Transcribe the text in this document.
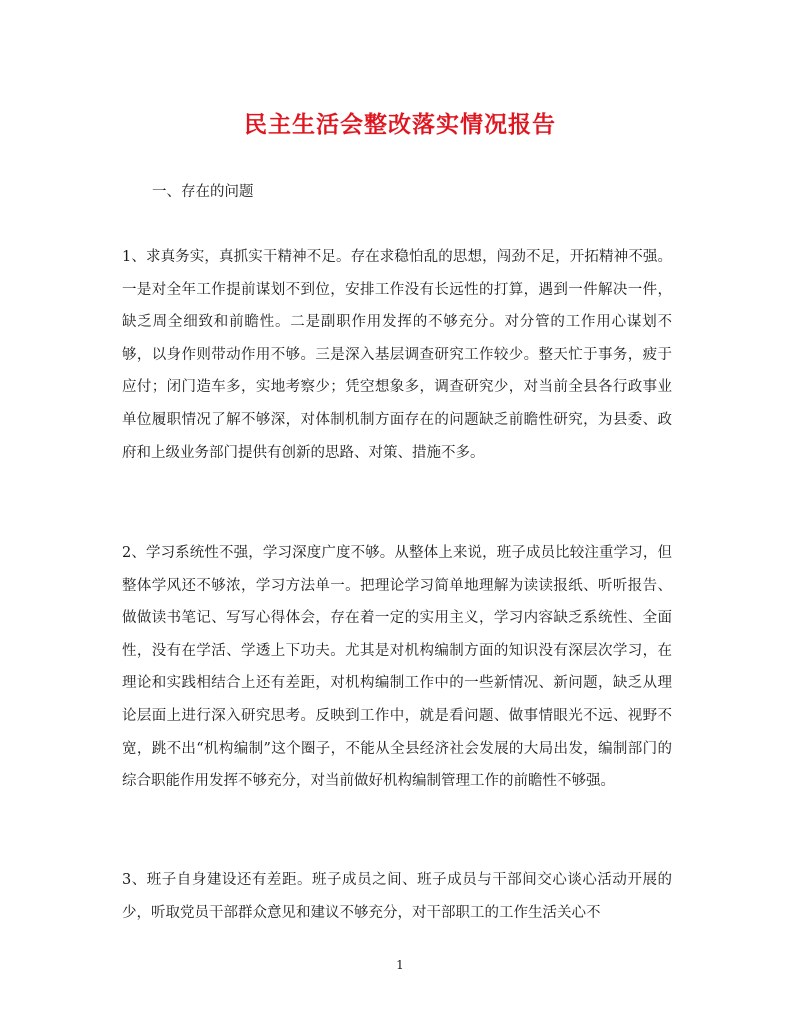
民主生活会整改落实情况报告

一、存在的问题

1、求真务实，真抓实干精神不足。存在求稳怕乱的思想，闯劲不足，开拓精神不强。一是对全年工作提前谋划不到位，安排工作没有长远性的打算，遇到一件解决一件，缺乏周全细致和前瞻性。二是副职作用发挥的不够充分。对分管的工作用心谋划不够，以身作则带动作用不够。三是深入基层调查研究工作较少。整天忙于事务，疲于应付；闭门造车多，实地考察少；凭空想象多，调查研究少，对当前全县各行政事业单位履职情况了解不够深，对体制机制方面存在的问题缺乏前瞻性研究，为县委、政府和上级业务部门提供有创新的思路、对策、措施不多。

2、学习系统性不强，学习深度广度不够。从整体上来说，班子成员比较注重学习，但整体学风还不够浓，学习方法单一。把理论学习简单地理解为读读报纸、听听报告、做做读书笔记、写写心得体会，存在着一定的实用主义，学习内容缺乏系统性、全面性，没有在学活、学透上下功夫。尤其是对机构编制方面的知识没有深层次学习，在理论和实践相结合上还有差距，对机构编制工作中的一些新情况、新问题，缺乏从理论层面上进行深入研究思考。反映到工作中，就是看问题、做事情眼光不远、视野不宽，跳不出“机构编制”这个圈子，不能从全县经济社会发展的大局出发，编制部门的综合职能作用发挥不够充分，对当前做好机构编制管理工作的前瞻性不够强。

3、班子自身建设还有差距。班子成员之间、班子成员与干部间交心谈心活动开展的少，听取党员干部群众意见和建议不够充分，对干部职工的工作生活关心不

1
